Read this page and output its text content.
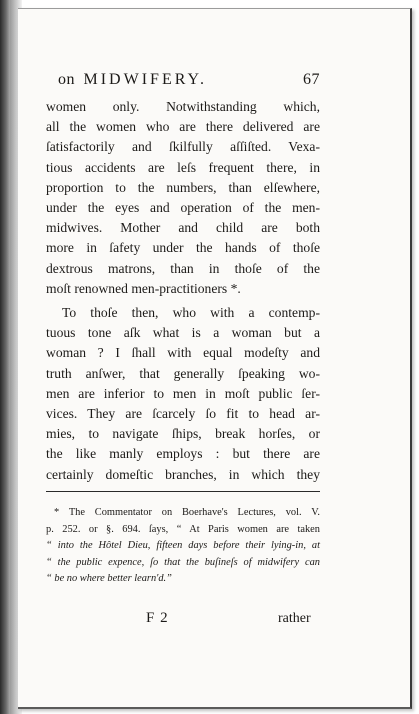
on MIDWIFERY.	67
women only. Notwithstanding which,
all the women who are there delivered are
ſatisfactorily and ſkilfully aſſiſted. Vexa-
tious accidents are leſs frequent there, in
proportion to the numbers, than elſewhere,
under the eyes and operation of the men-
midwives. Mother and child are both
more in ſafety under the hands of thoſe
dextrous matrons, than in thoſe of the
moſt renowned men-practitioners *.
To thoſe then, who with a contemp-
tuous tone aſk what is a woman but a
woman ? I ſhall with equal modeſty and
truth anſwer, that generally ſpeaking wo-
men are inferior to men in moſt public ſer-
vices. They are ſcarcely ſo fit to head ar-
mies, to navigate ſhips, break horſes, or
the like manly employs : but there are
certainly domeſtic branches, in which they
* The Commentator on Boerhave's Lectures, vol. V.
p. 252. or §. 694. ſays, “ At Paris women are taken
“ into the Hôtel Dieu, fifteen days before their lying-in, at
“ the public expence, ſo that the buſineſs of midwifery can
“ be no where better learn'd.”
F 2	rather
